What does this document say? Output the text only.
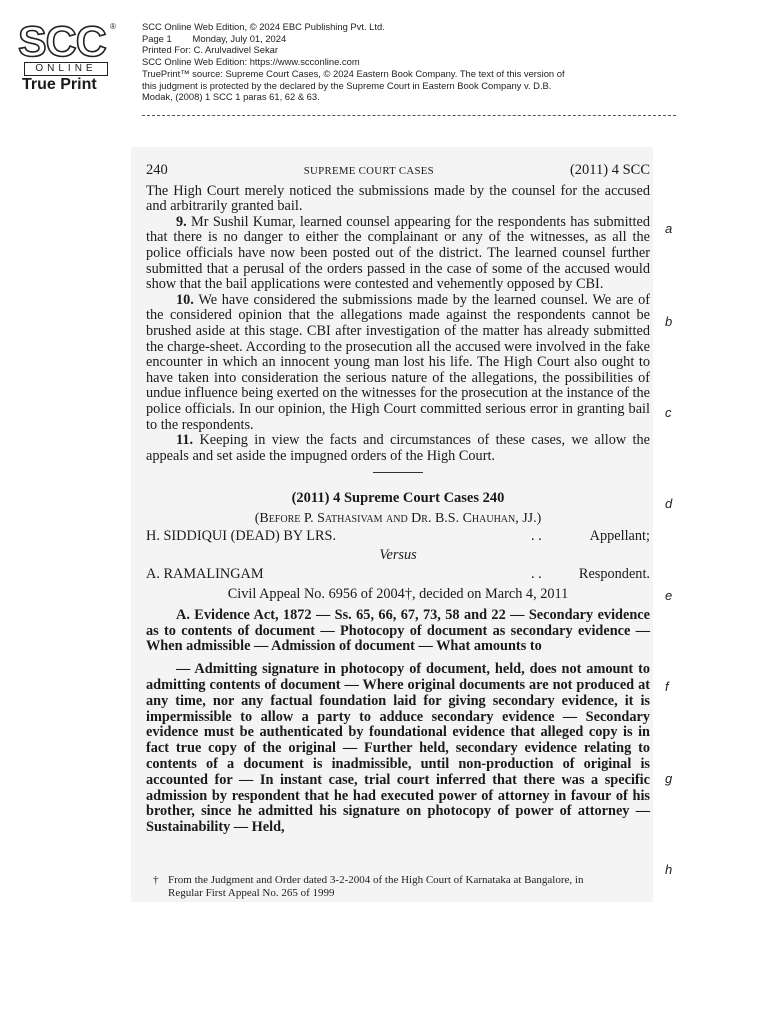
SCC ®
ONLINE
True Print
SCC Online Web Edition, © 2024 EBC Publishing Pvt. Ltd.
Page 1        Monday, July 01, 2024
Printed For: C. Arulvadivel Sekar
SCC Online Web Edition: https://www.scconline.com
TruePrint™ source: Supreme Court Cases, © 2024 Eastern Book Company. The text of this version of
this judgment is protected by the declared by the Supreme Court in Eastern Book Company v. D.B.
Modak, (2008) 1 SCC 1 paras 61, 62 & 63.
240	SUPREME COURT CASES	(2011) 4 SCC

The High Court merely noticed the submissions made by the counsel for the accused and arbitrarily granted bail.

9. Mr Sushil Kumar, learned counsel appearing for the respondents has submitted that there is no danger to either the complainant or any of the witnesses, as all the police officials have now been posted out of the district. The learned counsel further submitted that a perusal of the orders passed in the case of some of the accused would show that the bail applications were contested and vehemently opposed by CBI.

10. We have considered the submissions made by the learned counsel. We are of the considered opinion that the allegations made against the respondents cannot be brushed aside at this stage. CBI after investigation of the matter has already submitted the charge-sheet. According to the prosecution all the accused were involved in the fake encounter in which an innocent young man lost his life. The High Court also ought to have taken into consideration the serious nature of the allegations, the possibilities of undue influence being exerted on the witnesses for the prosecution at the instance of the police officials. In our opinion, the High Court committed serious error in granting bail to the respondents.

11. Keeping in view the facts and circumstances of these cases, we allow the appeals and set aside the impugned orders of the High Court.

(2011) 4 Supreme Court Cases 240
(Before P. Sathasivam and Dr. B.S. Chauhan, JJ.)
H. SIDDIQUI (DEAD) BY LRS.	. .	Appellant;
Versus
A. RAMALINGAM	. .	Respondent.
Civil Appeal No. 6956 of 2004†, decided on March 4, 2011

A. Evidence Act, 1872 — Ss. 65, 66, 67, 73, 58 and 22 — Secondary evidence as to contents of document — Photocopy of document as secondary evidence — When admissible — Admission of document — What amounts to

— Admitting signature in photocopy of document, held, does not amount to admitting contents of document — Where original documents are not produced at any time, nor any factual foundation laid for giving secondary evidence, it is impermissible to allow a party to adduce secondary evidence — Secondary evidence must be authenticated by foundational evidence that alleged copy is in fact true copy of the original — Further held, secondary evidence relating to contents of a document is inadmissible, until non-production of original is accounted for — In instant case, trial court inferred that there was a specific admission by respondent that he had executed power of attorney in favour of his brother, since he admitted his signature on photocopy of power of attorney — Sustainability — Held,

† From the Judgment and Order dated 3-2-2004 of the High Court of Karnataka at Bangalore, in
Regular First Appeal No. 265 of 1999
a
b
c
d
e
f
g
h
